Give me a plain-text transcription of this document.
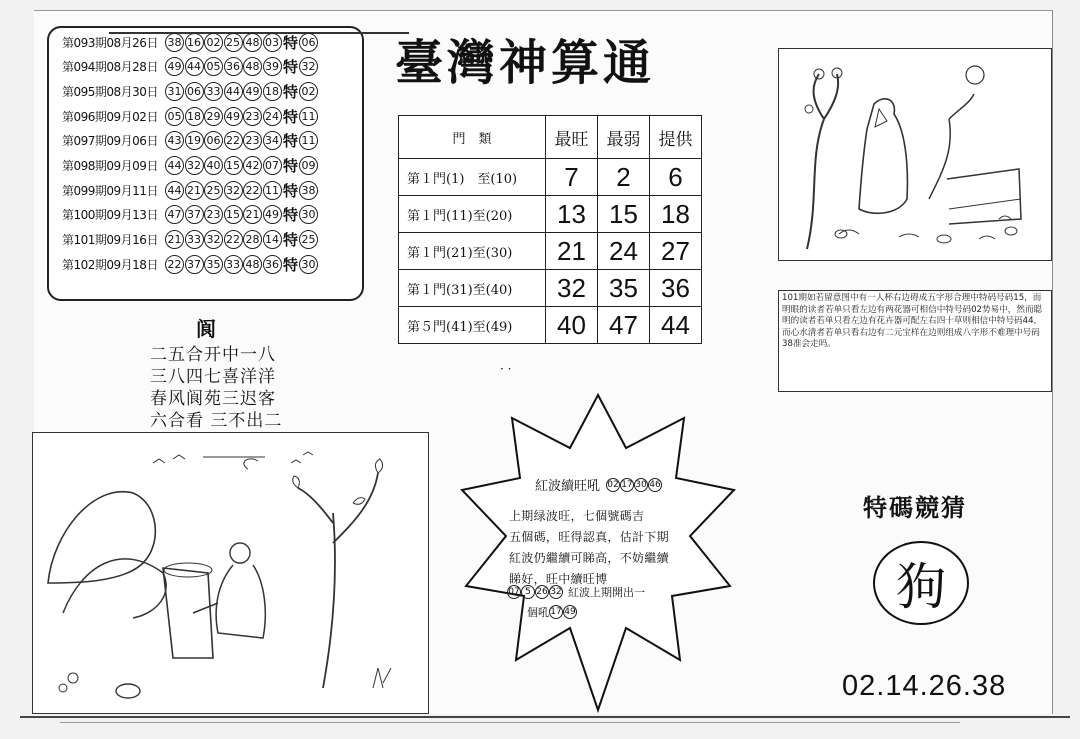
第093期08月26日 38 16 02 25 48 03 特 06
第094期08月28日 49 44 05 36 48 39 特 32
第095期08月30日 31 06 33 44 49 18 特 02
第096期09月02日 05 18 29 49 23 24 特 11
第097期09月06日 43 19 06 22 23 34 特 11
第098期09月09日 44 32 40 15 42 07 特 09
第099期09月11日 44 21 25 32 22 11 特 38
第100期09月13日 47 37 23 15 21 49 特 30
第101期09月16日 21 33 32 22 28 14 特 25
第102期09月18日 22 37 35 33 48 36 特 30
阆
二五合开中一八
三八四七喜洋洋
春风阆苑三迟客
六合看 三不出二
臺灣神算通
門　類	最旺	最弱	提供
第１門(1)　至(10)	7	2	6
第１門(11)至(20)	13	15	18
第１門(21)至(30)	21	24	27
第１門(31)至(40)	32	35	36
第５門(41)至(49)	40	47	44
· ·
101期如若留意图中有一人杯右边碍成五字形合理中特码号码15，而明眼的读者若单只看左边有两花器可相信中特号码02势易中，然而聪明的读者若单只看左边有花卉器可配左右四十草则相信中特号码44，而心水清者若单只看右边有二元宝样在边则组成八字形不难理中号码38准会走吗。
紅波續旺吼 02 17 30 46
上期绿波旺，七個號碼吉
五個碼，旺得認真，估計下期
紅波仍繼續可睇高，不妨繼續
睇好，旺中續旺博
07 5 26 32 紅波上期開出一
個吼 17 49
特碼競猜
狗
02.14.26.38
